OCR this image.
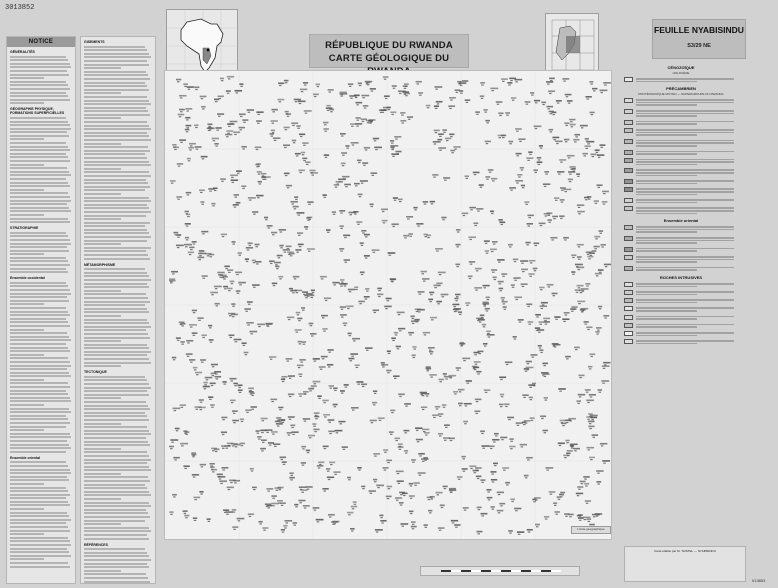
3013852
NOTICE
GÉNÉRALITÉS
GÉOGRAPHIE PHYSIQUE, FORMATIONS SUPERFICIELLES
STRATIGRAPHIE
Ensemble occidental
Ensemble oriental
GISEMENTS
MÉTAMORPHISME
TECTONIQUE
RÉFÉRENCES
RÉPUBLIQUE DU RWANDA
CARTE GÉOLOGIQUE DU
Limite géographique
FEUILLE NYABISINDU
S3/29 NE
CÉNOZOÏQUE
HOLOCÈNE
PRÉCAMBRIEN
PROTÉROZOÏQUE MOYEN — SUPERGROUPE DU RWANDA
Ensemble oriental
ROCHES INTRUSIVES
Carte établie par M. TAISTEL — NYABISINDU
013853
